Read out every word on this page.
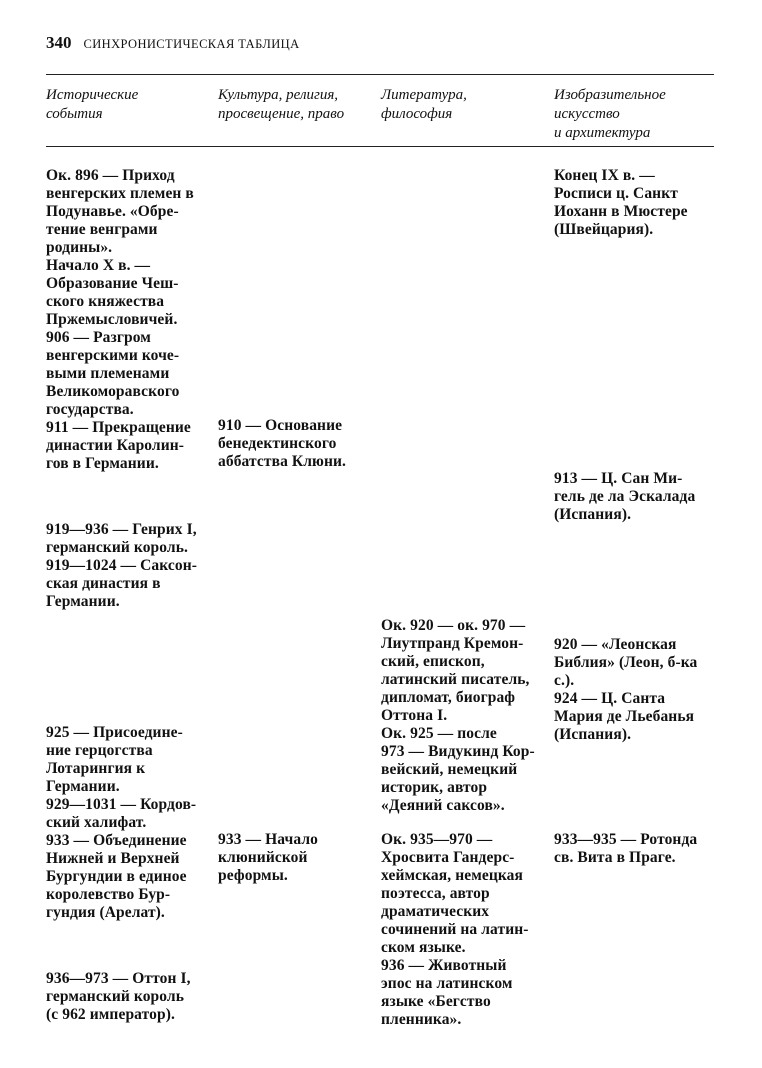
340 СИНХРОНИСТИЧЕСКАЯ ТАБЛИЦА
Исторические
события
Культура, религия,
просвещение, право
Литература,
философия
Изобразительное
искусство
и архитектура
Ок. 896 — Приход
венгерских племен в
Подунавье. «Обре-
тение венграми
родины».
Начало X в. —
Образование Чеш-
ского княжества
Пржемысловичей.
906 — Разгром
венгерскими коче-
выми племенами
Великоморавского
государства.
911 — Прекращение
династии Каролин-
гов в Германии.
919—936 — Генрих I,
германский король.
919—1024 — Саксон-
ская династия в
Германии.
925 — Присоедине-
ние герцогства
Лотарингия к
Германии.
929—1031 — Кордов-
ский халифат.
933 — Объединение
Нижней и Верхней
Бургундии в единое
королевство Бур-
гундия (Арелат).
936—973 — Оттон I,
германский король
(с 962 император).
910 — Основание
бенедектинского
аббатства Клюни.
933 — Начало
клюнийской
реформы.
Ок. 920 — ок. 970 —
Лиутпранд Кремон-
ский, епископ,
латинский писатель,
дипломат, биограф
Оттона I.
Ок. 925 — после
973 — Видукинд Кор-
вейский, немецкий
историк, автор
«Деяний саксов».
Ок. 935—970 —
Хросвита Гандерс-
хеймская, немецкая
поэтесса, автор
драматических
сочинений на латин-
ском языке.
936 — Животный
эпос на латинском
языке «Бегство
пленника».
Конец IX в. —
Росписи ц. Санкт
Иоханн в Мюстере
(Швейцария).
913 — Ц. Сан Ми-
гель де ла Эскалада
(Испания).
920 — «Леонская
Библия» (Леон, б-ка
с.).
924 — Ц. Санта
Мария де Льебанья
(Испания).
933—935 — Ротонда
св. Вита в Праге.
